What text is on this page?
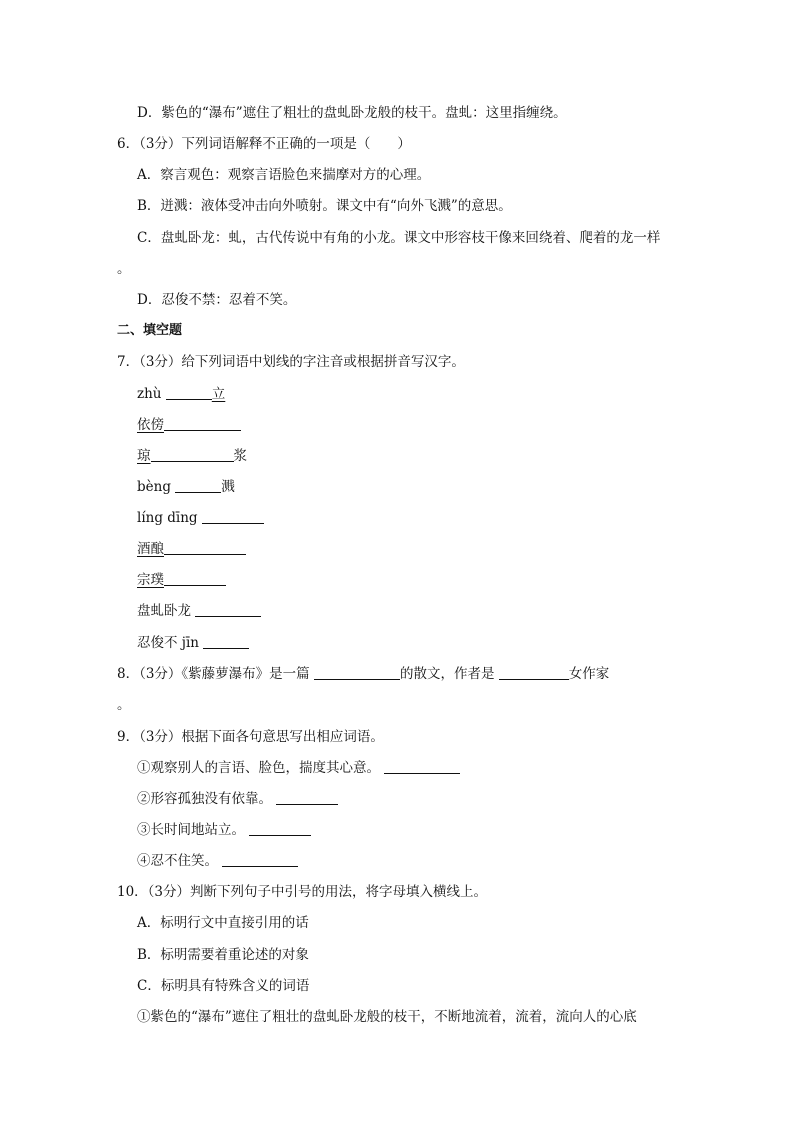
D．紫色的“瀑布”遮住了粗壮的盘虬卧龙般的枝干。盘虬：这里指缠绕。
6．（3分）下列词语解释不正确的一项是（　　）
A．察言观色：观察言语脸色来揣摩对方的心理。
B．迸溅：液体受冲击向外喷射。课文中有“向外飞溅”的意思。
C．盘虬卧龙：虬，古代传说中有角的小龙。课文中形容枝干像来回绕着、爬着的龙一样
。
D．忍俊不禁：忍着不笑。
二、填空题
7．（3分）给下列词语中划线的字注音或根据拼音写汉字。
zhù	立
依傍
琼	浆
bèng	溅
líng dīng
酒酿
宗璞
盘虬卧龙
忍俊不 jīn
8．（3分）《紫藤萝瀑布》是一篇	的散文，作者是	女作家
。
9．（3分）根据下面各句意思写出相应词语。
①观察别人的言语、脸色，揣度其心意。
②形容孤独没有依靠。
③长时间地站立。
④忍不住笑。
10．（3分）判断下列句子中引号的用法，将字母填入横线上。
A．标明行文中直接引用的话
B．标明需要着重论述的对象
C．标明具有特殊含义的词语
①紫色的“瀑布”遮住了粗壮的盘虬卧龙般的枝干，不断地流着，流着，流向人的心底
